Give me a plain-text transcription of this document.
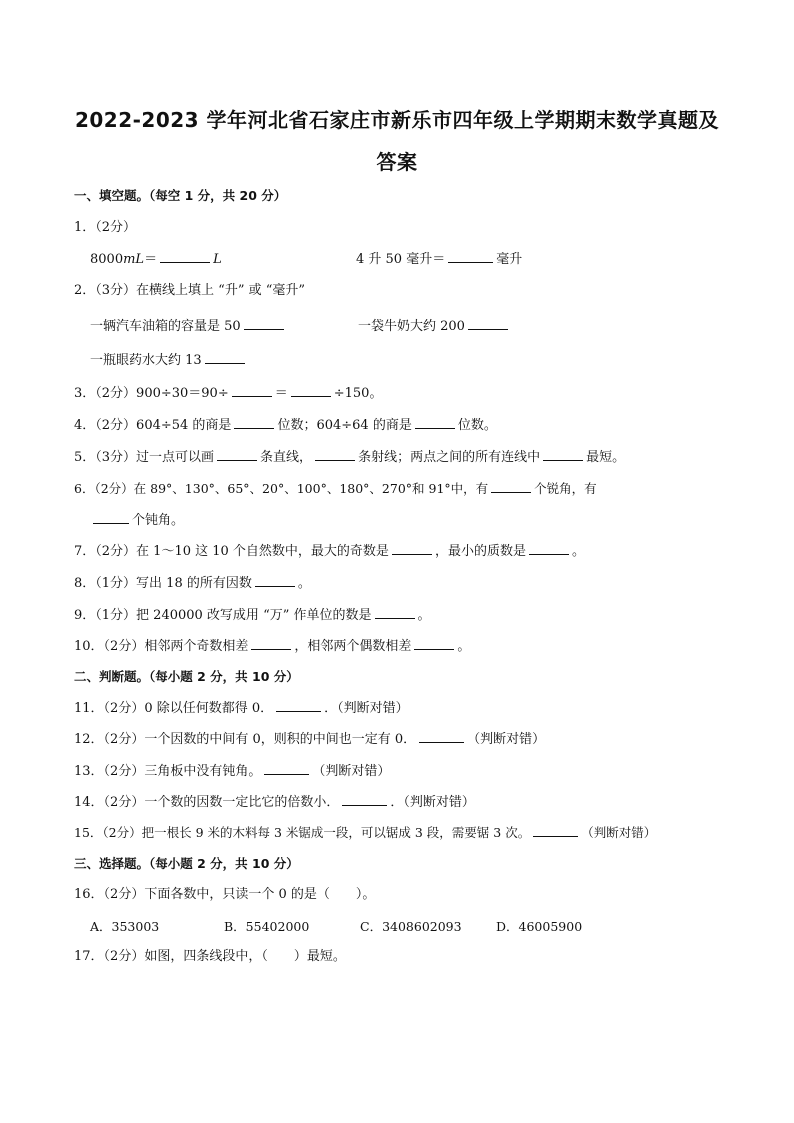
2022-2023 学年河北省石家庄市新乐市四年级上学期期末数学真题及
答案
一、填空题。（每空 1 分，共 20 分）
1．（2分）
8000mL＝	L	4 升 50 毫升＝	毫升
2．（3分）在横线上填上 “升” 或 “毫升”
一辆汽车油箱的容量是 50	一袋牛奶大约 200
一瓶眼药水大约 13
3．（2分）900÷30＝90÷	＝	÷150。
4．（2分）604÷54 的商是	位数；604÷64 的商是	位数。
5．（3分）过一点可以画	条直线，	条射线；两点之间的所有连线中	最短。
6．（2分）在 89°、130°、65°、20°、100°、180°、270°和 91°中，有	个锐角，有
个钝角。
7．（2分）在 1～10 这 10 个自然数中，最大的奇数是	，最小的质数是	。
8．（1分）写出 18 的所有因数	。
9．（1分）把 240000 改写成用 “万” 作单位的数是	。
10．（2分）相邻两个奇数相差	，相邻两个偶数相差	。
二、判断题。（每小题 2 分，共 10 分）
11．（2分）0 除以任何数都得 0．	．（判断对错）
12．（2分）一个因数的中间有 0，则积的中间也一定有 0．	（判断对错）
13．（2分）三角板中没有钝角。	（判断对错）
14．（2分）一个数的因数一定比它的倍数小．	．（判断对错）
15．（2分）把一根长 9 米的木料每 3 米锯成一段，可以锯成 3 段，需要锯 3 次。	（判断对错）
三、选择题。（每小题 2 分，共 10 分）
16．（2分）下面各数中，只读一个 0 的是（　　）。
A．353003	B．55402000	C．3408602093	D．46005900
17．（2分）如图，四条线段中，（　　）最短。
